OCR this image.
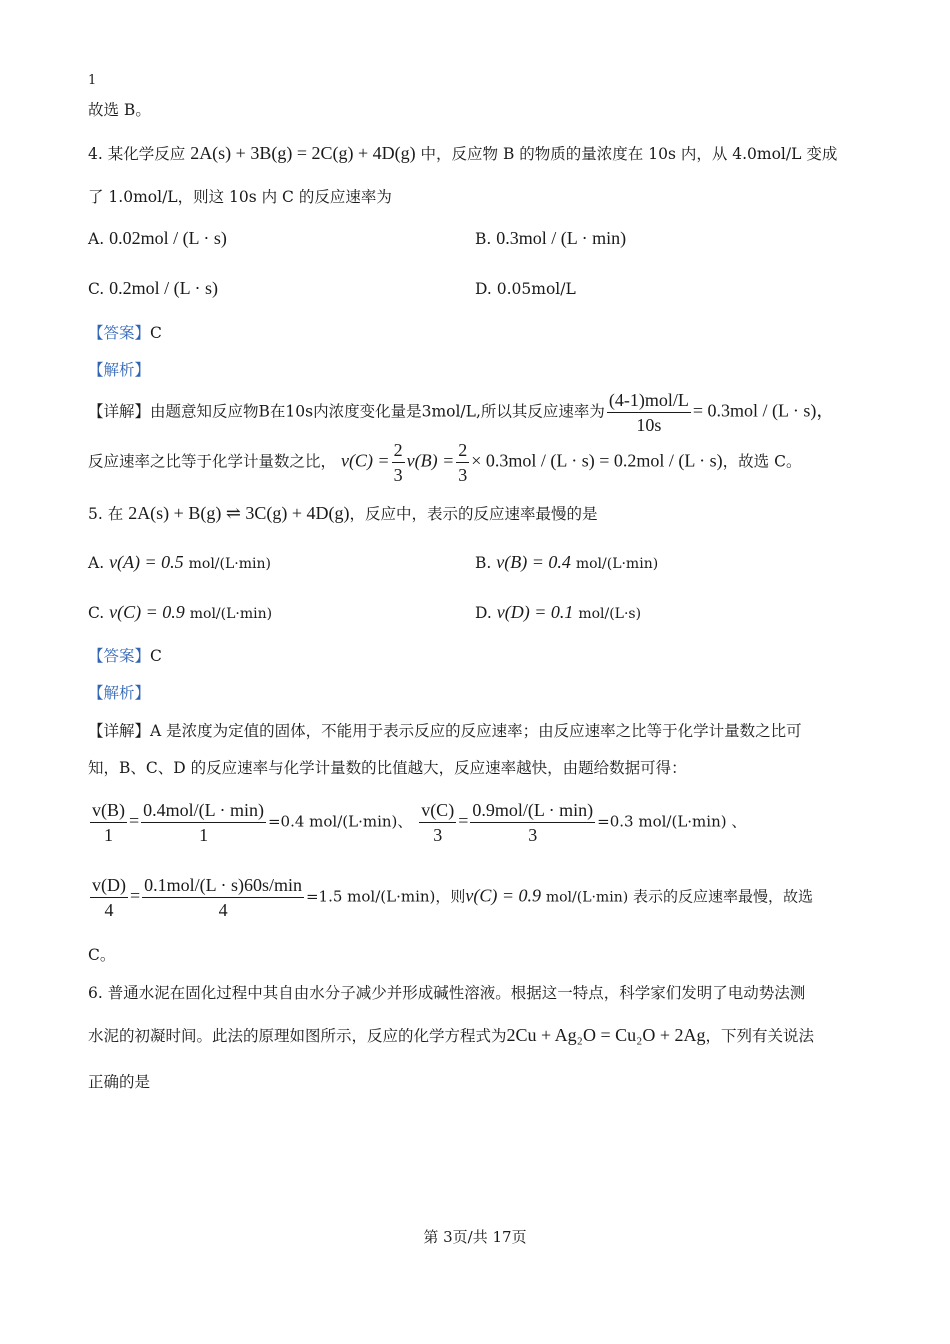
1
故选 B。
4. 某化学反应 2A(s) + 3B(g) = 2C(g) + 4D(g) 中，反应物 B 的物质的量浓度在 10s 内，从 4.0mol/L 变成
了 1.0mol/L，则这 10s 内 C 的反应速率为
A. 0.02mol / (L · s)	B. 0.3mol / (L · min)
C. 0.2mol / (L · s)	D. 0.05mol/L
【答案】C
【解析】
【详解】由题意知反应物B在10s内浓度变化量是3mol/L,所以其反应速率为 $\frac{\text{(4-1)mol/L}}{10s} = 0.3mol / (L \cdot s)$，
反应速率之比等于化学计量数之比， $v(C) = \frac{2}{3} v(B) = \frac{2}{3} \times 0.3mol / (L \cdot s) = 0.2mol / (L \cdot s)$，故选 C。
5. 在 2A(s) + B(g) ⇌ 3C(g) + 4D(g)，反应中，表示的反应速率最慢的是
A. v(A) = 0.5 mol/(L·min)	B. v(B) = 0.4 mol/(L·min)
C. v(C) = 0.9 mol/(L·min)	D. v(D) = 0.1 mol/(L·s)
【答案】C
【解析】
【详解】A 是浓度为定值的固体，不能用于表示反应的反应速率；由反应速率之比等于化学计量数之比可
知，B、C、D 的反应速率与化学计量数的比值越大，反应速率越快，由题给数据可得：
$\frac{v(B)}{1} = \frac{\text{0.4mol/(L · min)}}{1} =0.4$ mol/(L·min)、 $\frac{v(C)}{3} = \frac{\text{0.9mol/(L · min)}}{3} =0.3$ mol/(L·min) 、
$\frac{v(D)}{4} = \frac{\text{0.1mol/(L · s)60s/min}}{4} =1.5$ mol/(L·min)，则v(C) = 0.9 mol/(L·min) 表示的反应速率最慢，故选
C。
6. 普通水泥在固化过程中其自由水分子减少并形成碱性溶液。根据这一特点，科学家们发明了电动势法测
水泥的初凝时间。此法的原理如图所示，反应的化学方程式为2Cu + Ag₂O = Cu₂O + 2Ag，下列有关说法
正确的是
第 3页/共 17页
